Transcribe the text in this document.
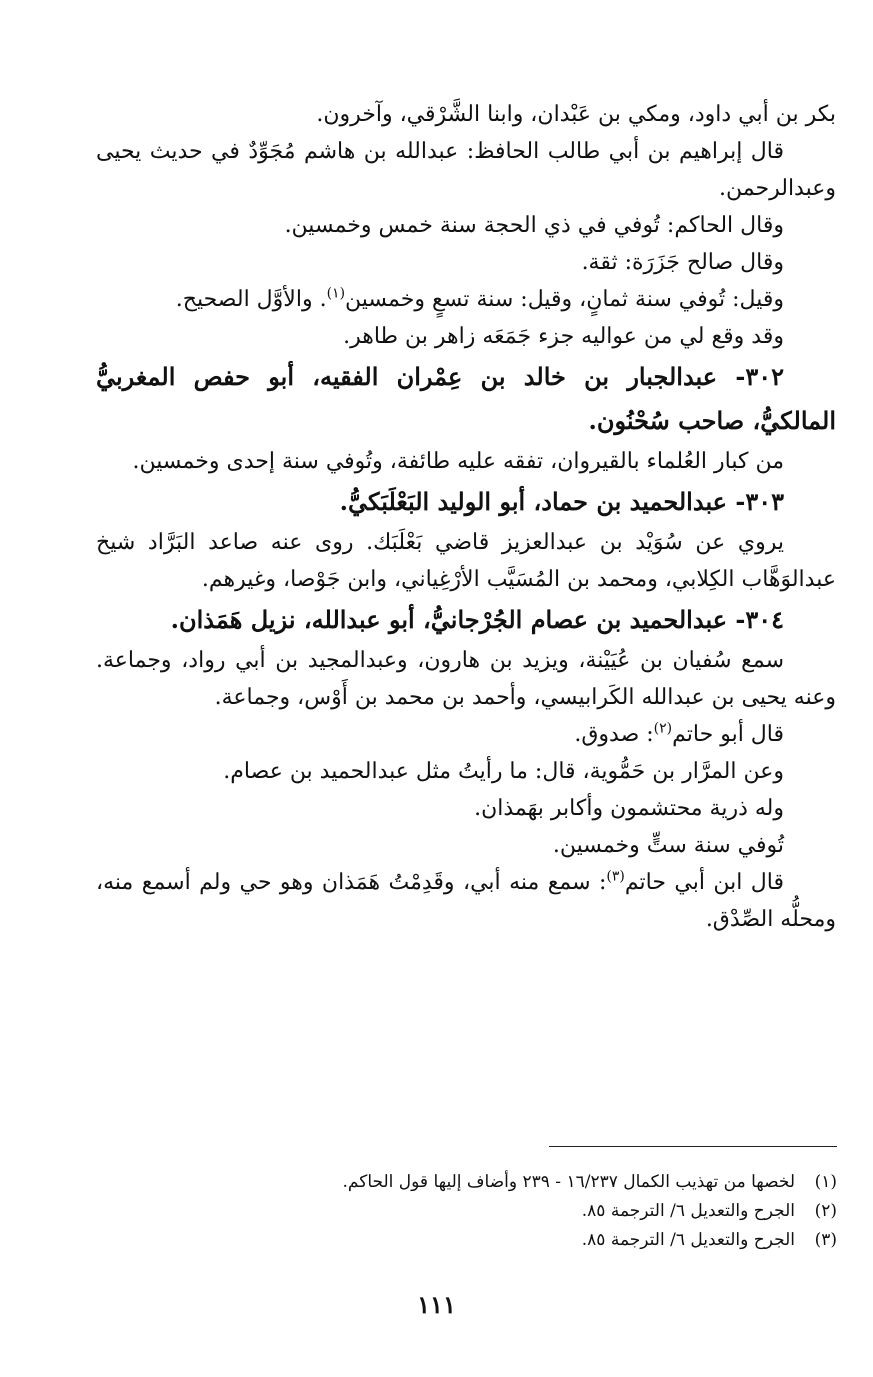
بكر بن أبي داود، ومكي بن عَبْدان، وابنا الشَّرْقي، وآخرون.

قال إبراهيم بن أبي طالب الحافظ: عبدالله بن هاشم مُجَوِّدٌ في حديث يحيى وعبدالرحمن.

وقال الحاكم: تُوفي في ذي الحجة سنة خمس وخمسين.

وقال صالح جَزَرَة: ثقة.

وقيل: تُوفي سنة ثمانٍ، وقيل: سنة تسعٍ وخمسين$^{(١)}$. والأوَّل الصحيح.

وقد وقع لي من عواليه جزء جَمَعَه زاهر بن طاهر.

٣٠٢- عبدالجبار بن خالد بن عِمْران الفقيه، أبو حفص المغربيُّ المالكيُّ، صاحب سُحْنُون.

من كبار العُلماء بالقيروان، تفقه عليه طائفة، وتُوفي سنة إحدى وخمسين.

٣٠٣- عبدالحميد بن حماد، أبو الوليد البَعْلَبَكيُّ.

يروي عن سُوَيْد بن عبدالعزيز قاضي بَعْلَبَك. روى عنه صاعد البَرَّاد شيخ عبدالوَهَّاب الكِلابي، ومحمد بن المُسَيَّب الأرْغِياني، وابن جَوْصا، وغيرهم.

٣٠٤- عبدالحميد بن عصام الجُرْجانيُّ، أبو عبدالله، نزيل هَمَذان.

سمع سُفيان بن عُيَيْنة، ويزيد بن هارون، وعبدالمجيد بن أبي رواد، وجماعة. وعنه يحيى بن عبدالله الكَرابيسي، وأحمد بن محمد بن أَوْس، وجماعة.

قال أبو حاتم$^{(٢)}$: صدوق.

وعن المرَّار بن حَمُّوية، قال: ما رأيتُ مثل عبدالحميد بن عصام.

وله ذرية محتشمون وأكابر بهَمذان.

تُوفي سنة ستٍّ وخمسين.

قال ابن أبي حاتم$^{(٣)}$: سمع منه أبي، وقَدِمْتُ هَمَذان وهو حي ولم أسمع منه، ومحلُّه الصِّدْق.

(١)لخصها من تهذيب الكمال ١٦/٢٣٧ - ٢٣٩ وأضاف إليها قول الحاكم.

(٢)الجرح والتعديل ٦/ الترجمة ٨٥.

(٣)الجرح والتعديل ٦/ الترجمة ٨٥.

١١١
